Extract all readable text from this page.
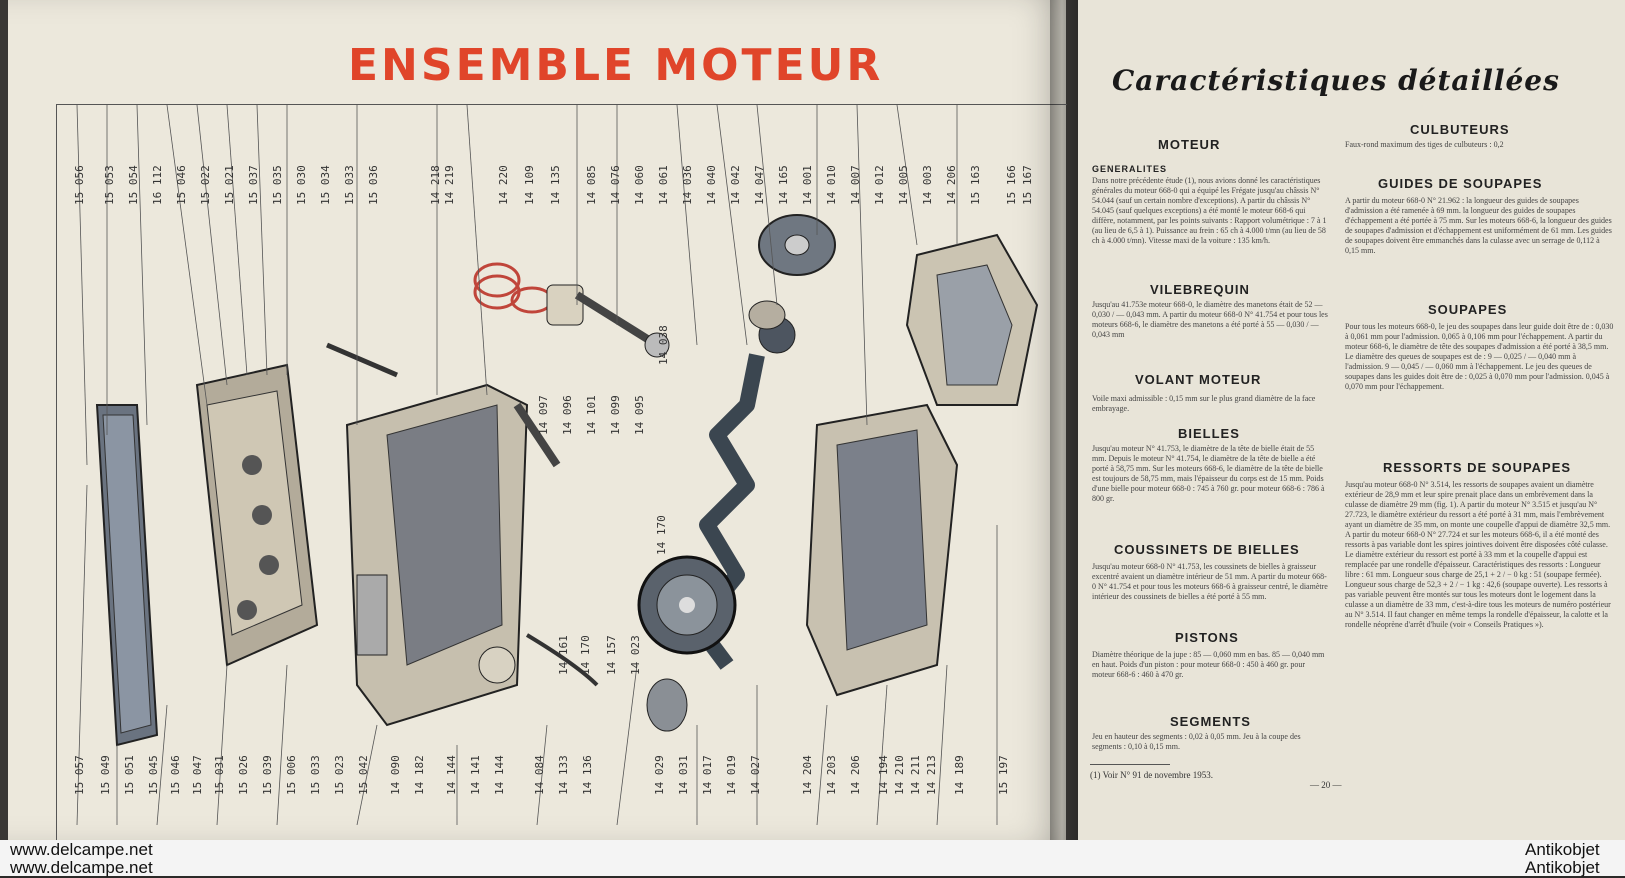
ENSEMBLE MOTEUR
15 056 15 053 15 054 16 112 15 046 15 022 15 021 15 037 15 035 15 030 15 034 15 033 15 036	14 218 14 219	14 220 14 109 14 135 14 085 14 076 14 060 14 061 14 036 14 040 14 042 14 047 14 165 14 001 14 010 14 007 14 012 14 005 14 003 14 206 15 163 15 166 15 167
15 057 15 049 15 051 15 045 15 046 15 047 15 031 15 026 15 039 15 006 15 033 15 023 15 042 14 090 14 182 14 144 14 141 14 144 14 084 14 133 14 136	14 029 14 031 14 017 14 019 14 027	14 204 14 203 14 206 14 194 14 210 14 211 14 213 14 189	15 197
14 097 14 096 14 101 14 099 14 095
14 038
14 170
14 161 14 170 14 157 14 023
Caractéristiques détaillées
MOTEUR
GENERALITES
Dans notre précédente étude (1), nous avions donné les caractéristiques générales du moteur 668-0 qui a équipé les Frégate jusqu'au châssis N° 54.044 (sauf un certain nombre d'exceptions). A partir du châssis N° 54.045 (sauf quelques exceptions) a été monté le moteur 668-6 qui diffère, notamment, par les points suivants : Rapport volumétrique : 7 à 1 (au lieu de 6,5 à 1). Puissance au frein : 65 ch à 4.000 t/mn (au lieu de 58 ch à 4.000 t/mn). Vitesse maxi de la voiture : 135 km/h.
VILEBREQUIN
Jusqu'au 41.753e moteur 668-0, le diamètre des manetons était de 52 — 0,030 / — 0,043 mm. A partir du moteur 668-0 N° 41.754 et pour tous les moteurs 668-6, le diamètre des manetons a été porté à 55 — 0,030 / — 0,043 mm
VOLANT MOTEUR
Voile maxi admissible : 0,15 mm sur le plus grand diamètre de la face embrayage.
BIELLES
Jusqu'au moteur N° 41.753, le diamètre de la tête de bielle était de 55 mm. Depuis le moteur N° 41.754, le diamètre de la tête de bielle a été porté à 58,75 mm. Sur les moteurs 668-6, le diamètre de la tête de bielle est toujours de 58,75 mm, mais l'épaisseur du corps est de 15 mm. Poids d'une bielle pour moteur 668-0 : 745 à 760 gr. pour moteur 668-6 : 786 à 800 gr.
COUSSINETS DE BIELLES
Jusqu'au moteur 668-0 N° 41.753, les coussinets de bielles à graisseur excentré avaient un diamètre intérieur de 51 mm. A partir du moteur 668-0 N° 41.754 et pour tous les moteurs 668-6 à graisseur centré, le diamètre intérieur des coussinets de bielles a été porté à 55 mm.
PISTONS
Diamètre théorique de la jupe : 85 — 0,060 mm en bas. 85 — 0,040 mm en haut. Poids d'un piston : pour moteur 668-0 : 450 à 460 gr. pour moteur 668-6 : 460 à 470 gr.
SEGMENTS
Jeu en hauteur des segments : 0,02 à 0,05 mm. Jeu à la coupe des segments : 0,10 à 0,15 mm.
(1) Voir N° 91 de novembre 1953.
CULBUTEURS
Faux-rond maximum des tiges de culbuteurs : 0,2
GUIDES DE SOUPAPES
A partir du moteur 668-0 N° 21.962 : la longueur des guides de soupapes d'admission a été ramenée à 69 mm. la longueur des guides de soupapes d'échappement a été portée à 75 mm. Sur les moteurs 668-6, la longueur des guides de soupapes d'admission et d'échappement est uniformément de 61 mm. Les guides de soupapes doivent être emmanchés dans la culasse avec un serrage de 0,112 à 0,15 mm.
SOUPAPES
Pour tous les moteurs 668-0, le jeu des soupapes dans leur guide doit être de : 0,030 à 0,061 mm pour l'admission. 0,065 à 0,106 mm pour l'échappement. A partir du moteur 668-6, le diamètre de tête des soupapes d'admission a été porté à 38,5 mm. Le diamètre des queues de soupapes est de : 9 — 0,025 / — 0,040 mm à l'admission. 9 — 0,045 / — 0,060 mm à l'échappement. Le jeu des queues de soupapes dans les guides doit être de : 0,025 à 0,070 mm pour l'admission. 0,045 à 0,070 mm pour l'échappement.
RESSORTS DE SOUPAPES
Jusqu'au moteur 668-0 N° 3.514, les ressorts de soupapes avaient un diamètre extérieur de 28,9 mm et leur spire prenait place dans un embrèvement dans la culasse de diamètre 29 mm (fig. 1). A partir du moteur N° 3.515 et jusqu'au N° 27.723, le diamètre extérieur du ressort a été porté à 31 mm, mais l'embrèvement ayant un diamètre de 35 mm, on monte une coupelle d'appui de diamètre 32,5 mm. A partir du moteur 668-0 N° 27.724 et sur les moteurs 668-6, il a été monté des ressorts à pas variable dont les spires jointives doivent être disposées côté culasse. Le diamètre extérieur du ressort est porté à 33 mm et la coupelle d'appui est remplacée par une rondelle d'épaisseur. Caractéristiques des ressorts : Longueur libre : 61 mm. Longueur sous charge de 25,1 + 2 / − 0 kg : 51 (soupape fermée). Longueur sous charge de 52,3 + 2 / − 1 kg : 42,6 (soupape ouverte). Les ressorts à pas variable peuvent être montés sur tous les moteurs dont le logement dans la culasse a un diamètre de 33 mm, c'est-à-dire tous les moteurs de numéro postérieur au N° 3.514. Il faut changer en même temps la rondelle d'épaisseur, la calotte et la rondelle néoprène d'arrêt d'huile (voir « Conseils Pratiques »).
— 20 —
www.delcampe.net
www.delcampe.net
Antikobjet
Antikobjet
